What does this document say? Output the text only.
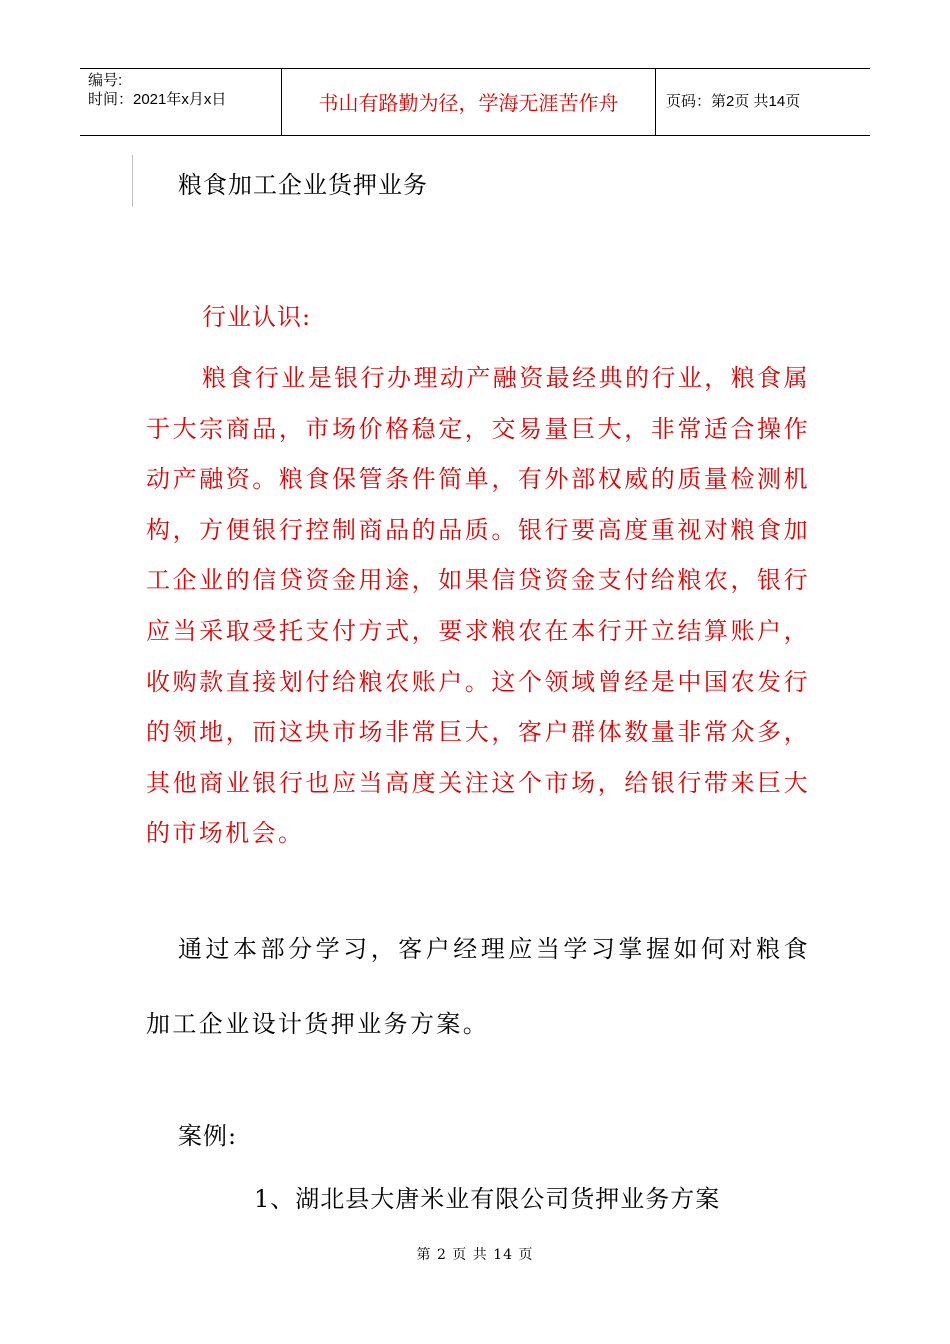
编号:
时间：2021年x月x日	书山有路勤为径，学海无涯苦作舟	页码：第2页 共14页
粮食加工企业货押业务
行业认识:

粮食行业是银行办理动产融资最经典的行业，粮食属于大宗商品，市场价格稳定，交易量巨大，非常适合操作动产融资。粮食保管条件简单，有外部权威的质量检测机构，方便银行控制商品的品质。银行要高度重视对粮食加工企业的信贷资金用途，如果信贷资金支付给粮农，银行应当采取受托支付方式，要求粮农在本行开立结算账户，收购款直接划付给粮农账户。这个领域曾经是中国农发行的领地，而这块市场非常巨大，客户群体数量非常众多，其他商业银行也应当高度关注这个市场，给银行带来巨大的市场机会。

通过本部分学习，客户经理应当学习掌握如何对粮食加工企业设计货押业务方案。

案例:
1、湖北县大唐米业有限公司货押业务方案
第 2 页 共 14 页
